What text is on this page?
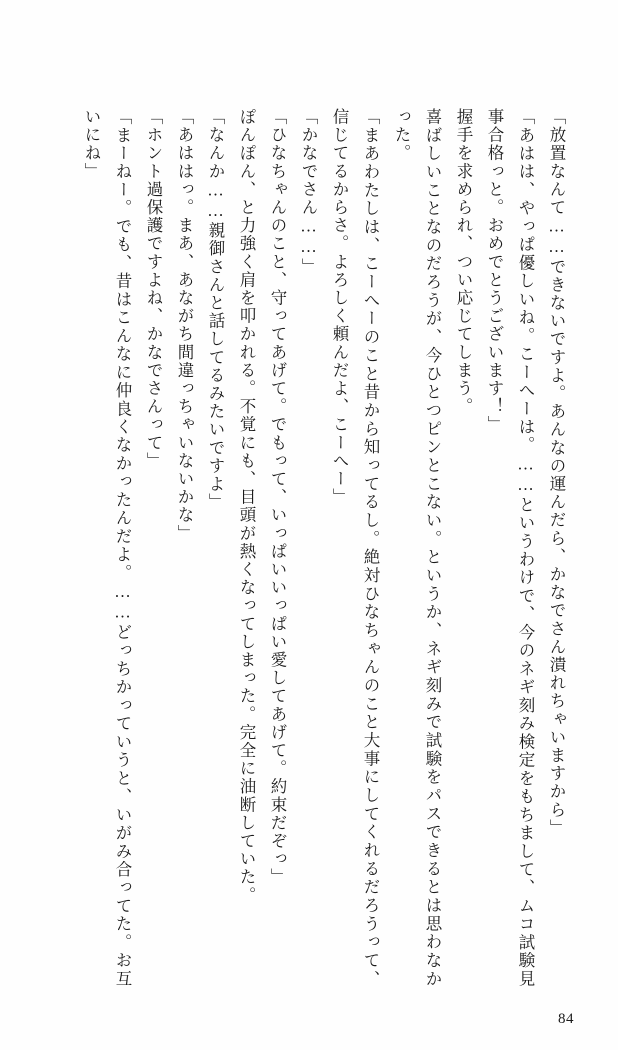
「放置なんて……できないですよ。あんなの運んだら、かなでさん潰れちゃいますから」

「あはは、やっぱ優しいね。こーへーは。……というわけで、今のネギ刻み検定をもちまして、ムコ試験見事合格っと。おめでとうございます！」

握手を求められ、つい応じてしまう。

喜ばしいことなのだろうが、今ひとつピンとこない。というか、ネギ刻みで試験をパスできるとは思わなかった。

「まあわたしは、こーへーのこと昔から知ってるし。絶対ひなちゃんのこと大事にしてくれるだろうって、信じてるからさ。よろしく頼んだよ、こーへー」

「かなでさん……」

「ひなちゃんのこと、守ってあげて。でもって、いっぱいいっぱい愛してあげて。約束だぞっ」

ぽんぽん、と力強く肩を叩かれる。不覚にも、目頭が熱くなってしまった。完全に油断していた。

「なんか……親御さんと話してるみたいですよ」

「あははっ。まあ、あながち間違っちゃいないかな」

「ホント過保護ですよね、かなでさんって」

「まーねー。でも、昔はこんなに仲良くなかったんだよ。……どっちかっていうと、いがみ合ってた。お互いにね」

84
